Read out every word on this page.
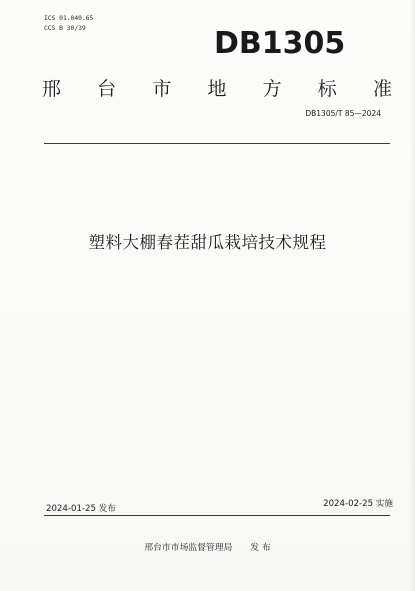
ICS 01.040.65
CCS B 30/39	DB1305
邢 台 市 地 方 标 准
DB1305/T 85—2024
塑料大棚春茬甜瓜栽培技术规程
2024-01-25 发布	2024-02-25 实施
邢台市市场监督管理局 发 布
